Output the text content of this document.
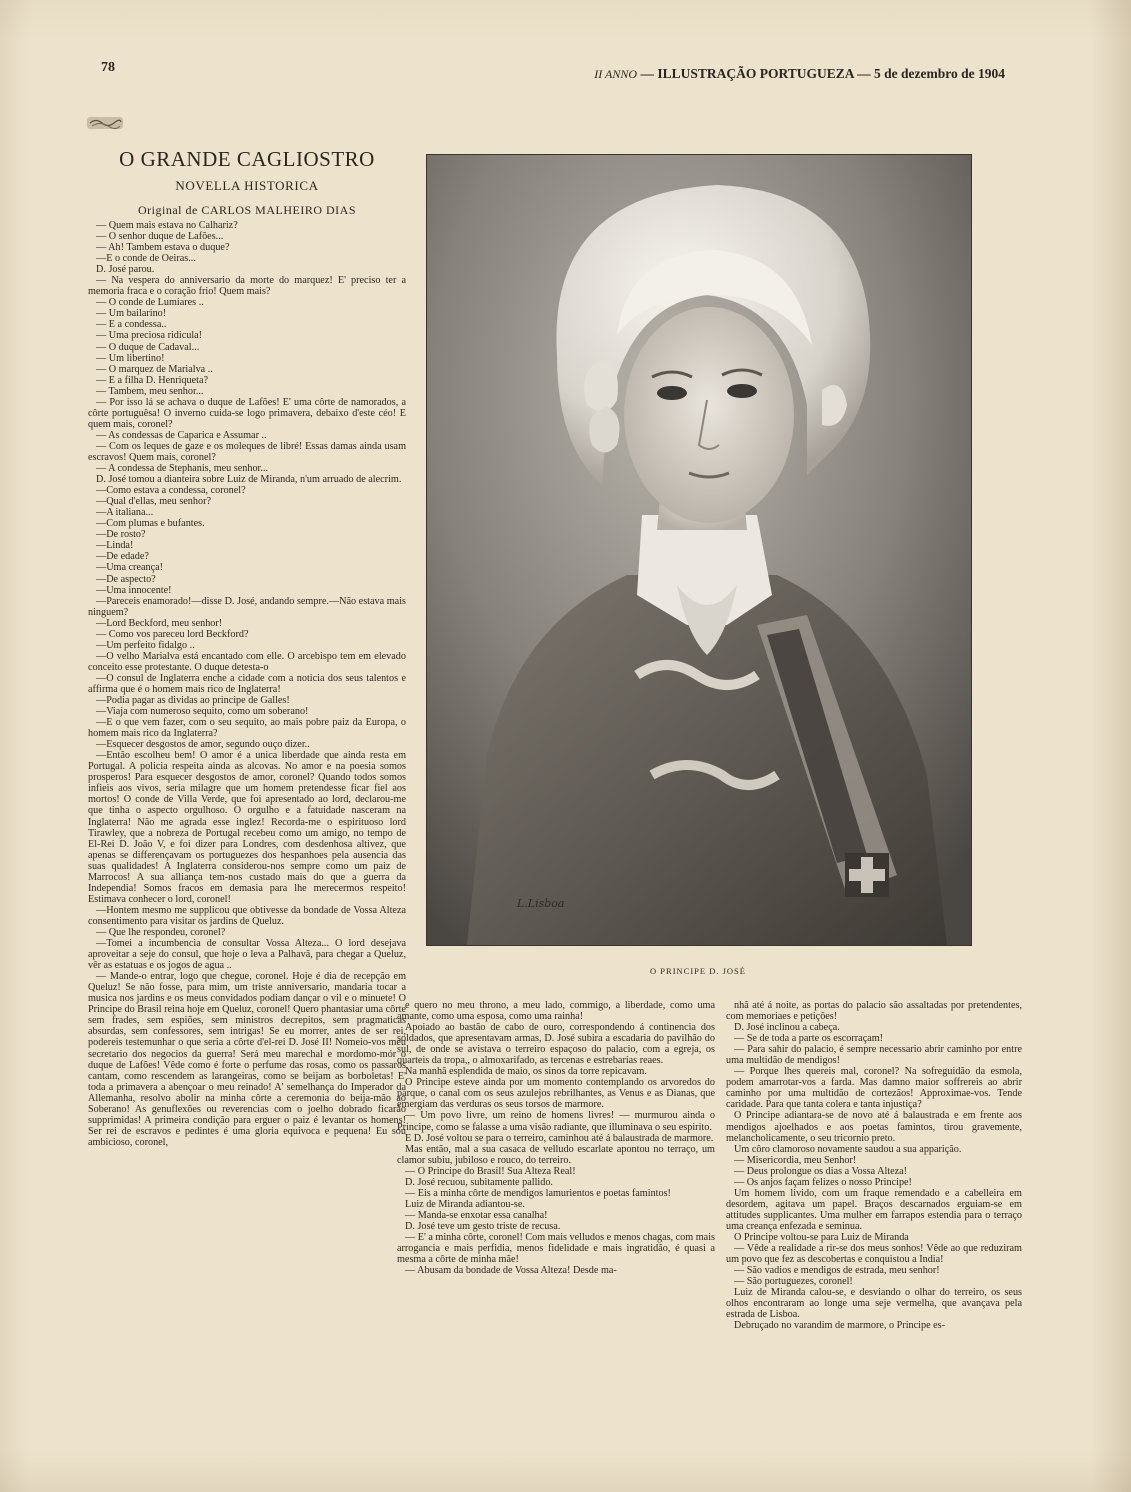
78	II ANNO — ILLUSTRAÇÃO PORTUGUEZA — 5 de dezembro de 1904
O GRANDE CAGLIOSTRO
NOVELLA HISTORICA
Original de CARLOS MALHEIRO DIAS

— Quem mais estava no Calhariz?

— O senhor duque de Lafões...

— Ah! Tambem estava o duque?

—E o conde de Oeiras...

D. José parou.

— Na vespera do anniversario da morte do marquez! E' preciso ter a memoria fraca e o coração frio! Quem mais?

— O conde de Lumiares ..

— Um bailarino!

— E a condessa..

— Uma preciosa ridicula!

— O duque de Cadaval...

— Um libertino!

— O marquez de Marialva ..

— E a filha D. Henriqueta?

— Tambem, meu senhor...

— Por isso lá se achava o duque de Lafões! E' uma côrte de namorados, a côrte portuguêsa! O inverno cuida-se logo primavera, debaixo d'este céo! E quem mais, coronel?

— As condessas de Caparica e Assumar ..

— Com os leques de gaze e os moleques de libré! Essas damas ainda usam escravos! Quem mais, coronel?

— A condessa de Stephanis, meu senhor...

D. José tomou a dianteira sobre Luiz de Miranda, n'um arruado de alecrim.

—Como estava a condessa, coronel?

—Qual d'ellas, meu senhor?

—A italiana...

—Com plumas e bufantes.

—De rosto?

—Linda!

—De edade?

—Uma creança!

—De aspecto?

—Uma innocente!

—Pareceis enamorado!—disse D. José, andando sempre.—Não estava mais ninguem?

—Lord Beckford, meu senhor!

— Como vos pareceu lord Beckford?

—Um perfeito fidalgo ..

—O velho Marialva está encantado com elle. O arcebispo tem em elevado conceito esse protestante. O duque detesta-o

—O consul de Inglaterra enche a cidade com a noticia dos seus talentos e affirma que é o homem mais rico de Inglaterra!

—Podia pagar as dividas ao principe de Galles!

—Viaja com numeroso sequito, como um soberano!

—E o que vem fazer, com o seu sequito, ao mais pobre paiz da Europa, o homem mais rico da Inglaterra?

—Esquecer desgostos de amor, segundo ouço dizer..

—Então escolheu bem! O amor é a unica liberdade que ainda resta em Portugal. A policia respeita ainda as alcovas. No amor e na poesia somos prosperos! Para esquecer desgostos de amor, coronel? Quando todos somos infieis aos vivos, seria milagre que um homem pretendesse ficar fiel aos mortos! O conde de Villa Verde, que foi apresentado ao lord, declarou-me que tinha o aspecto orgulhoso. O orgulho e a fatuidade nasceram na Inglaterra! Não me agrada esse inglez! Recorda-me o espirituoso lord Tirawley, que a nobreza de Portugal recebeu como um amigo, no tempo de El-Rei D. João V, e foi dizer para Londres, com desdenhosa altivez, que apenas se differençavam os portuguezes dos hespanhoes pela ausencia das suas qualidades! A Inglaterra considerou-nos sempre como um paiz de Marrocos! A sua alliança tem-nos custado mais do que a guerra da Independia! Somos fracos em demasia para lhe merecermos respeito! Estimava conhecer o lord, coronel!

—Hontem mesmo me supplicou que obtivesse da bondade de Vossa Alteza consentimento para visitar os jardins de Queluz.

— Que lhe respondeu, coronel?

—Tomei a incumbencia de consultar Vossa Alteza... O lord desejava aproveitar a seje do consul, que hoje o leva a Palhavã, para chegar a Queluz, vêr as estatuas e os jogos de agua ..

— Mande-o entrar, logo que chegue, coronel. Hoje é dia de recepção em Queluz! Se não fosse, para mim, um triste anniversario, mandaria tocar a musica nos jardins e os meus convidados podiam dançar o vil e o minuete! O Principe do Brasil reina hoje em Queluz, coronel! Quero phantasiar uma côrte sem frades, sem espiões, sem ministros decrepitos, sem pragmaticas absurdas, sem confessores, sem intrigas! Se eu morrer, antes de ser rei, podereis testemunhar o que seria a côrte d'el-rei D. José II! Nomeio-vos meu secretario dos negocios da guerra! Será meu marechal e mordomo-mór o duque de Lafões! Vêde como é forte o perfume das rosas, como os passaros cantam, como rescendem as larangeiras, como se beijam as borboletas! E' toda a primavera a abençoar o meu reinado! A' semelhança do Imperador da Allemanha, resolvo abolir na minha côrte a ceremonia do beija-mão ao Soberano! As genuflexões ou reverencias com o joelho dobrado ficarão supprimidas! A primeira condição para erguer o paiz é levantar os homens! Ser rei de escravos e pedintes é uma gloria equivoca e pequena! Eu sou ambicioso, coronel,

e quero no meu throno, a meu lado, commigo, a liberdade, como uma amante, como uma esposa, como uma rainha!

Apoiado ao bastão de cabo de ouro, correspondendo á continencia dos soldados, que apresentavam armas, D. José subira a escadaria do pavilhão do sul, de onde se avistava o terreiro espaçoso do palacio, com a egreja, os quarteis da tropa,, o almoxarifado, as tercenas e estrebarias reaes.

Na manhã esplendida de maio, os sinos da torre repicavam.

O Principe esteve ainda por um momento contemplando os arvoredos do parque, o canal com os seus azulejos rebrilhantes, as Venus e as Dianas, que emergiam das verduras os seus torsos de marmore.

— Um povo livre, um reino de homens livres! — murmurou ainda o Principe, como se falasse a uma visão radiante, que illuminava o seu espirito.

E D. José voltou se para o terreiro, caminhou até á balaustrada de marmore.

Mas então, mal a sua casaca de velludo escarlate apontou no terraço, um clamor subiu, jubiloso e rouco, do terreiro.

— O Principe do Brasil! Sua Alteza Real!

D. José recuou, subitamente pallido.

— Eis a minha côrte de mendigos lamurientos e poetas famintos!

Luiz de Miranda adiantou-se.

— Manda-se enxotar essa canalha!

D. José teve um gesto triste de recusa.

— E' a minha côrte, coronel! Com mais velludos e menos chagas, com mais arrogancia e mais perfidia, menos fidelidade e mais ingratidão, é quasi a mesma a côrte de minha mãe!

— Abusam da bondade de Vossa Alteza! Desde ma-

nhã até á noite, as portas do palacio são assaltadas por pretendentes, com memoriaes e petições!

D. José inclinou a cabeça.

— Se de toda a parte os escorraçam!

— Para sahir do palacio, é sempre necessario abrir caminho por entre uma multidão de mendigos!

— Porque lhes quereis mal, coronel? Na sofreguidão da esmola, podem amarrotar-vos a farda. Mas damno maior soffrereis ao abrir caminho por uma multidão de cortezãos! Approximae-vos. Tende caridade. Para que tanta colera e tanta injustiça?

O Principe adiantara-se de novo até á balaustrada e em frente aos mendigos ajoelhados e aos poetas famintos, tirou gravemente, melancholicamente, o seu tricornio preto.

Um côro clamoroso novamente saudou a sua apparição.

— Misericordia, meu Senhor!

— Deus prolongue os dias a Vossa Alteza!

— Os anjos façam felizes o nosso Principe!

Um homem livido, com um fraque remendado e a cabelleira em desordem, agitava um papel. Braços descarnados erguiam-se em attitudes supplicantes. Uma mulher em farrapos estendia para o terraço uma creança enfezada e seminua.

O Principe voltou-se para Luiz de Miranda

— Vêde a realidade a rir-se dos meus sonhos! Vêde ao que reduziram um povo que fez as descobertas e conquistou a India!

— São vadios e mendigos de estrada, meu senhor!

— São portuguezes, coronel!

Luiz de Miranda calou-se, e desviando o olhar do terreiro, os seus olhos encontraram ao longe uma seje vermelha, que avançava pela estrada de Lisboa.

Debruçado no varandim de marmore, o Principe es-

L.Lisboa
O PRINCIPE D. JOSÉ
